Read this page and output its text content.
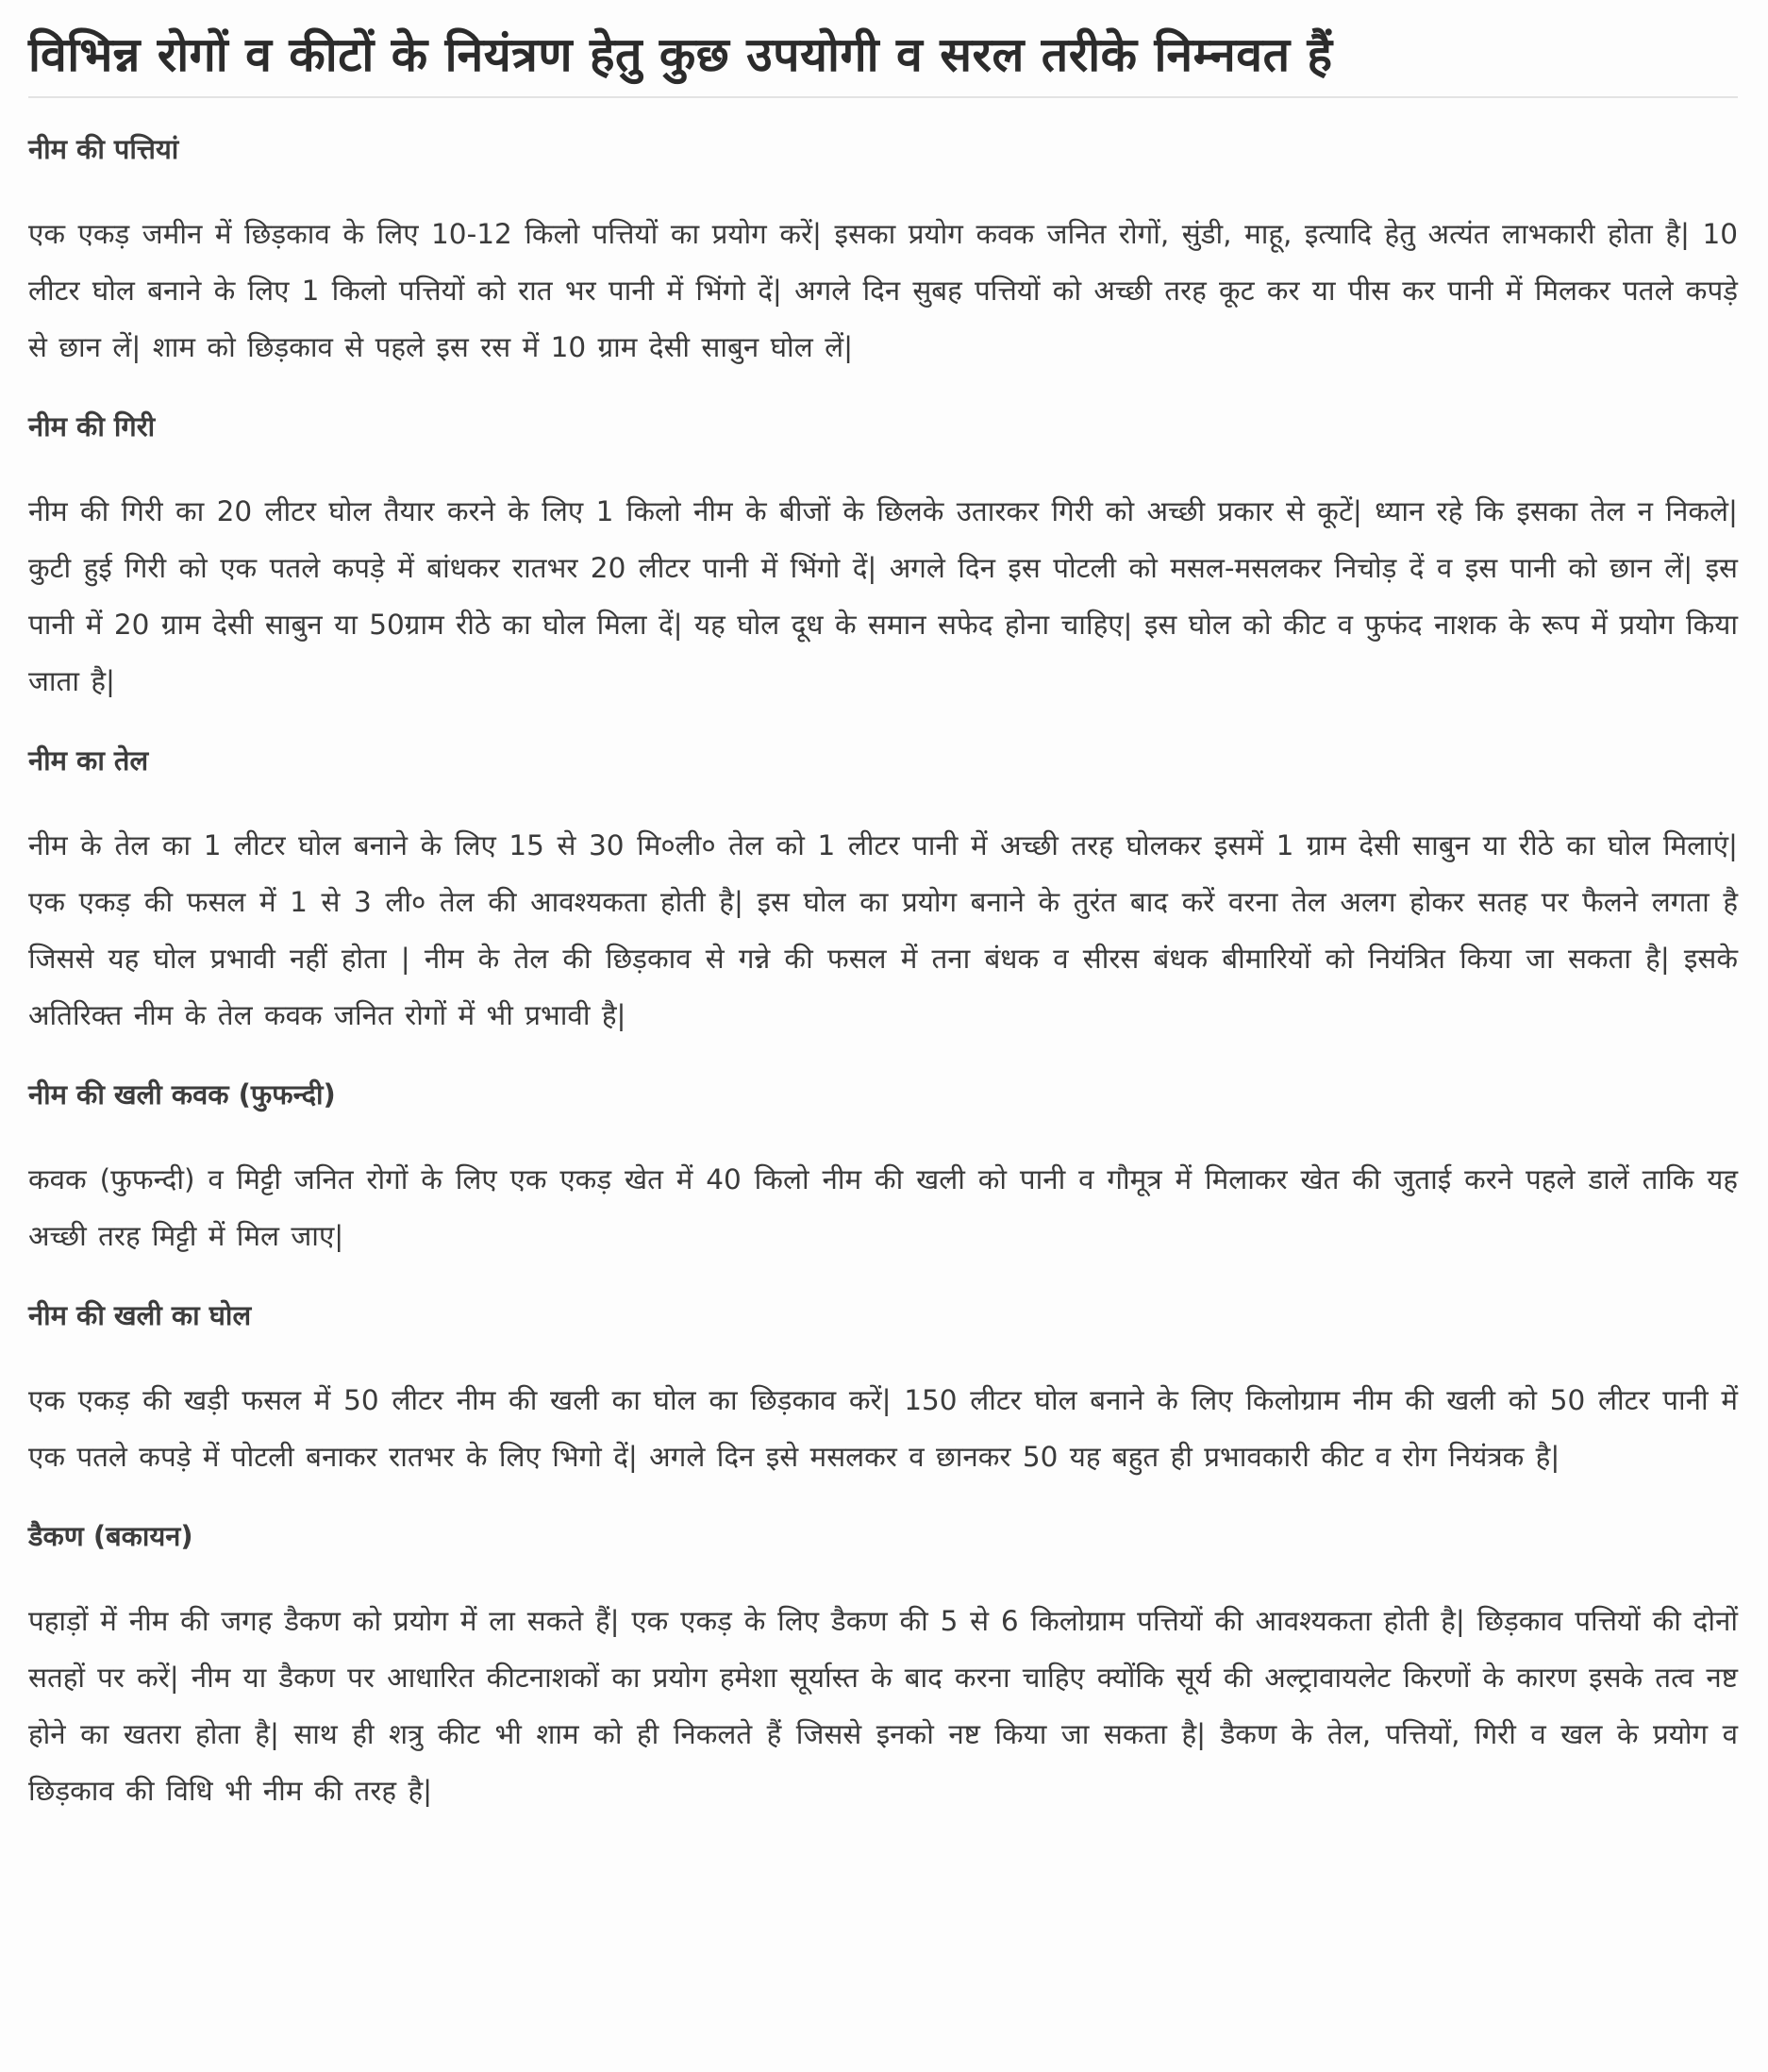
विभिन्न रोगों व कीटों के नियंत्रण हेतु कुछ उपयोगी व सरल तरीके निम्नवत हैं
नीम की पत्तियां

एक एकड़ जमीन में छिड़काव के लिए 10-12 किलो पत्तियों का प्रयोग करें| इसका प्रयोग कवक जनित रोगों, सुंडी, माहू, इत्यादि हेतु अत्यंत लाभकारी होता है| 10 लीटर घोल बनाने के लिए 1 किलो पत्तियों को रात भर पानी में भिंगो दें| अगले दिन सुबह पत्तियों को अच्छी तरह कूट कर या पीस कर पानी में मिलकर पतले कपड़े से छान लें| शाम को छिड़काव से पहले इस रस में 10 ग्राम देसी साबुन घोल लें|

नीम की गिरी

नीम की गिरी का 20 लीटर घोल तैयार करने के लिए 1 किलो नीम के बीजों के छिलके उतारकर गिरी को अच्छी प्रकार से कूटें| ध्यान रहे कि इसका तेल न निकले| कुटी हुई गिरी को एक पतले कपड़े में बांधकर रातभर 20 लीटर पानी में भिंगो दें| अगले दिन इस पोटली को मसल-मसलकर निचोड़ दें व इस पानी को छान लें| इस पानी में 20 ग्राम देसी साबुन या 50ग्राम रीठे का घोल मिला दें| यह घोल दूध के समान सफेद होना चाहिए| इस घोल को कीट व फुफंद नाशक के रूप में प्रयोग किया जाता है|

नीम का तेल

नीम के तेल का 1 लीटर घोल बनाने के लिए 15 से 30 मि०ली० तेल को 1 लीटर पानी में अच्छी तरह घोलकर इसमें 1 ग्राम देसी साबुन या रीठे का घोल मिलाएं| एक एकड़ की फसल में 1 से 3 ली० तेल की आवश्यकता होती है| इस घोल का प्रयोग बनाने के तुरंत बाद करें वरना तेल अलग होकर सतह पर फैलने लगता है जिससे यह घोल प्रभावी नहीं होता | नीम के तेल की छिड़काव से गन्ने की फसल में तना बंधक व सीरस बंधक बीमारियों को नियंत्रित किया जा सकता है| इसके अतिरिक्त नीम के तेल कवक जनित रोगों में भी प्रभावी है|

नीम की खली कवक (फुफन्दी)

कवक (फुफन्दी) व मिट्टी जनित रोगों के लिए एक एकड़ खेत में 40 किलो नीम की खली को पानी व गौमूत्र में मिलाकर खेत की जुताई करने पहले डालें ताकि यह अच्छी तरह मिट्टी में मिल जाए|

नीम की खली का घोल

एक एकड़ की खड़ी फसल में 50 लीटर नीम की खली का घोल का छिड़काव करें| 150 लीटर घोल बनाने के लिए किलोग्राम नीम की खली को 50 लीटर पानी में एक पतले कपड़े में पोटली बनाकर रातभर के लिए भिगो दें| अगले दिन इसे मसलकर व छानकर 50 यह बहुत ही प्रभावकारी कीट व रोग नियंत्रक है|

डैकण (बकायन)

पहाड़ों में नीम की जगह डैकण को प्रयोग में ला सकते हैं| एक एकड़ के लिए डैकण की 5 से 6 किलोग्राम पत्तियों की आवश्यकता होती है| छिड़काव पत्तियों की दोनों सतहों पर करें| नीम या डैकण पर आधारित कीटनाशकों का प्रयोग हमेशा सूर्यास्त के बाद करना चाहिए क्योंकि सूर्य की अल्ट्रावायलेट किरणों के कारण इसके तत्व नष्ट होने का खतरा होता है| साथ ही शत्रु कीट भी शाम को ही निकलते हैं जिससे इनको नष्ट किया जा सकता है| डैकण के तेल, पत्तियों, गिरी व खल के प्रयोग व छिड़काव की विधि भी नीम की तरह है|
